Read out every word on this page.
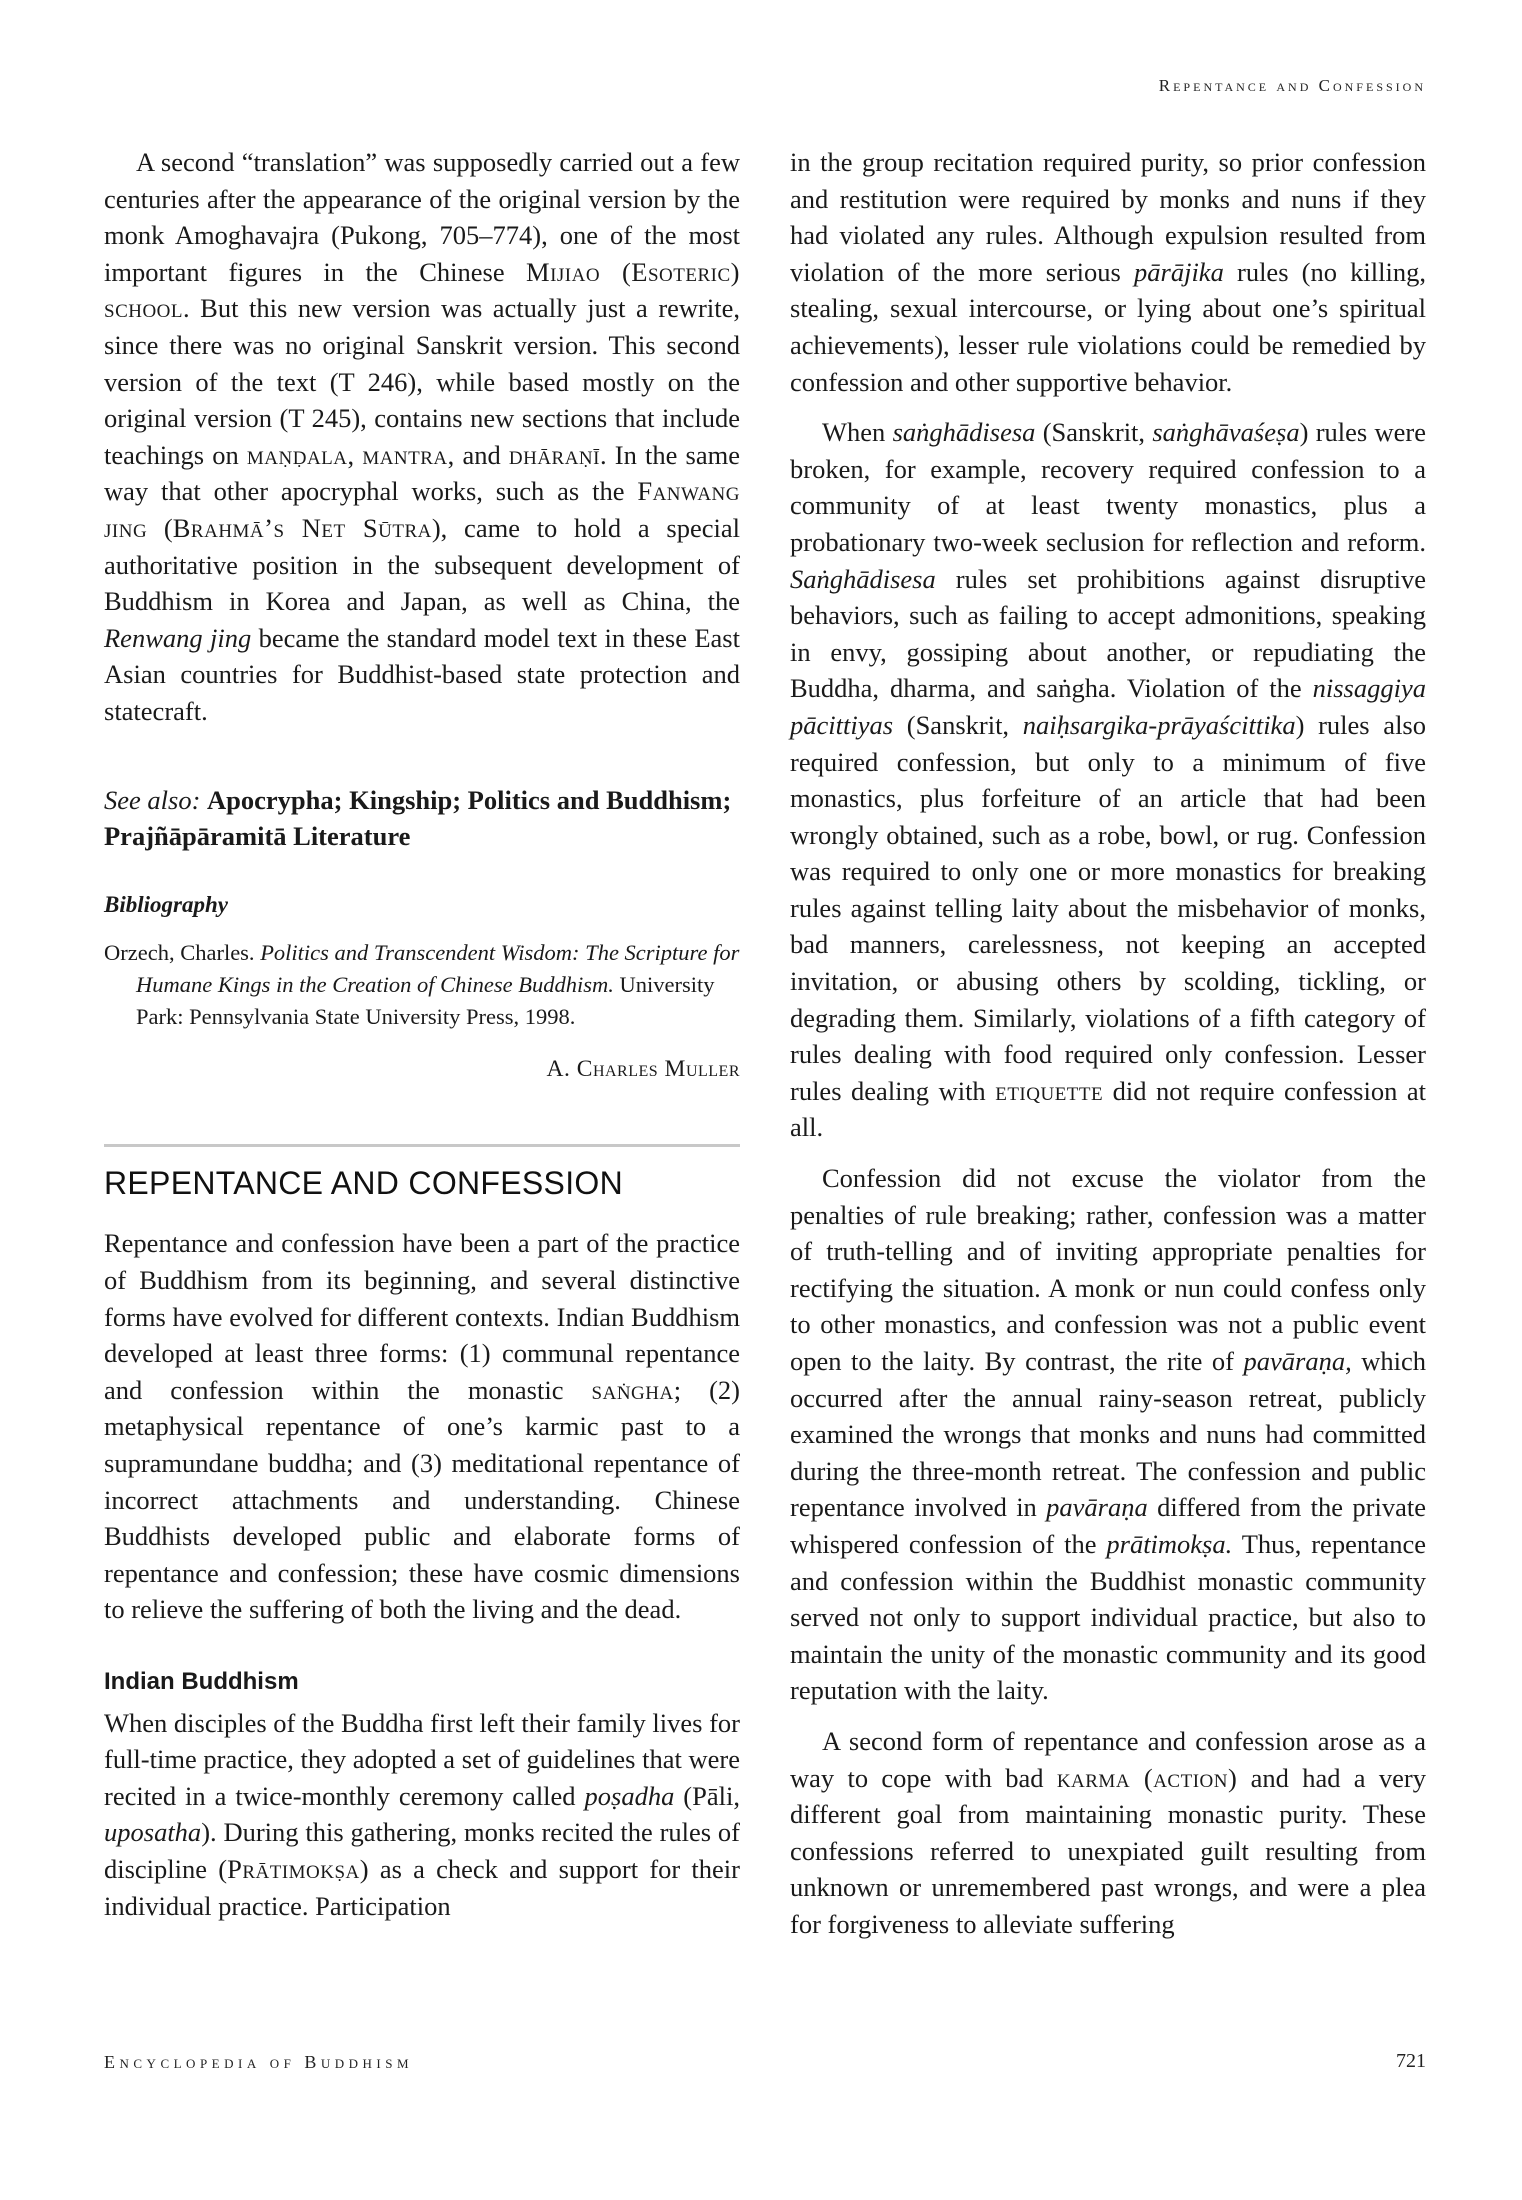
Repentance and Confession

A second “translation” was supposedly carried out a few centuries after the appearance of the original version by the monk Amoghavajra (Pukong, 705–774), one of the most important figures in the Chinese Mijiao (Esoteric) school. But this new version was actually just a rewrite, since there was no original Sanskrit version. This second version of the text (T 246), while based mostly on the original version (T 245), contains new sections that include teachings on maṇḍala, mantra, and dhāraṇī. In the same way that other apocryphal works, such as the Fanwang jing (Brahmā’s Net Sūtra), came to hold a special authoritative position in the subsequent development of Buddhism in Korea and Japan, as well as China, the Renwang jing became the standard model text in these East Asian countries for Buddhist-based state protection and statecraft.

See also: Apocrypha; Kingship; Politics and Buddhism; Prajñāpāramitā Literature

Bibliography
Orzech, Charles. Politics and Transcendent Wisdom: The Scripture for Humane Kings in the Creation of Chinese Buddhism. University Park: Pennsylvania State University Press, 1998.
A. Charles Muller
REPENTANCE AND CONFESSION

Repentance and confession have been a part of the practice of Buddhism from its beginning, and several distinctive forms have evolved for different contexts. Indian Buddhism developed at least three forms: (1) communal repentance and confession within the monastic saṅgha; (2) metaphysical repentance of one’s karmic past to a supramundane buddha; and (3) meditational repentance of incorrect attachments and understanding. Chinese Buddhists developed public and elaborate forms of repentance and confession; these have cosmic dimensions to relieve the suffering of both the living and the dead.

Indian Buddhism

When disciples of the Buddha first left their family lives for full-time practice, they adopted a set of guidelines that were recited in a twice-monthly ceremony called poṣadha (Pāli, uposatha). During this gathering, monks recited the rules of discipline (Prātimokṣa) as a check and support for their individual practice. Participation

in the group recitation required purity, so prior confession and restitution were required by monks and nuns if they had violated any rules. Although expulsion resulted from violation of the more serious pārājika rules (no killing, stealing, sexual intercourse, or lying about one’s spiritual achievements), lesser rule violations could be remedied by confession and other supportive behavior.

When saṅghādisesa (Sanskrit, saṅghāvaśeṣa) rules were broken, for example, recovery required confession to a community of at least twenty monastics, plus a probationary two-week seclusion for reflection and reform. Saṅghādisesa rules set prohibitions against disruptive behaviors, such as failing to accept admonitions, speaking in envy, gossiping about another, or repudiating the Buddha, dharma, and saṅgha. Violation of the nissaggiya pācittiyas (Sanskrit, naiḥsargika-prāyaścittika) rules also required confession, but only to a minimum of five monastics, plus forfeiture of an article that had been wrongly obtained, such as a robe, bowl, or rug. Confession was required to only one or more monastics for breaking rules against telling laity about the misbehavior of monks, bad manners, carelessness, not keeping an accepted invitation, or abusing others by scolding, tickling, or degrading them. Similarly, violations of a fifth category of rules dealing with food required only confession. Lesser rules dealing with etiquette did not require confession at all.

Confession did not excuse the violator from the penalties of rule breaking; rather, confession was a matter of truth-telling and of inviting appropriate penalties for rectifying the situation. A monk or nun could confess only to other monastics, and confession was not a public event open to the laity. By contrast, the rite of pavāraṇa, which occurred after the annual rainy-season retreat, publicly examined the wrongs that monks and nuns had committed during the three-month retreat. The confession and public repentance involved in pavāraṇa differed from the private whispered confession of the prātimokṣa. Thus, repentance and confession within the Buddhist monastic community served not only to support individual practice, but also to maintain the unity of the monastic community and its good reputation with the laity.

A second form of repentance and confession arose as a way to cope with bad karma (action) and had a very different goal from maintaining monastic purity. These confessions referred to unexpiated guilt resulting from unknown or unremembered past wrongs, and were a plea for forgiveness to alleviate suffering

Encyclopedia of Buddhism	721
